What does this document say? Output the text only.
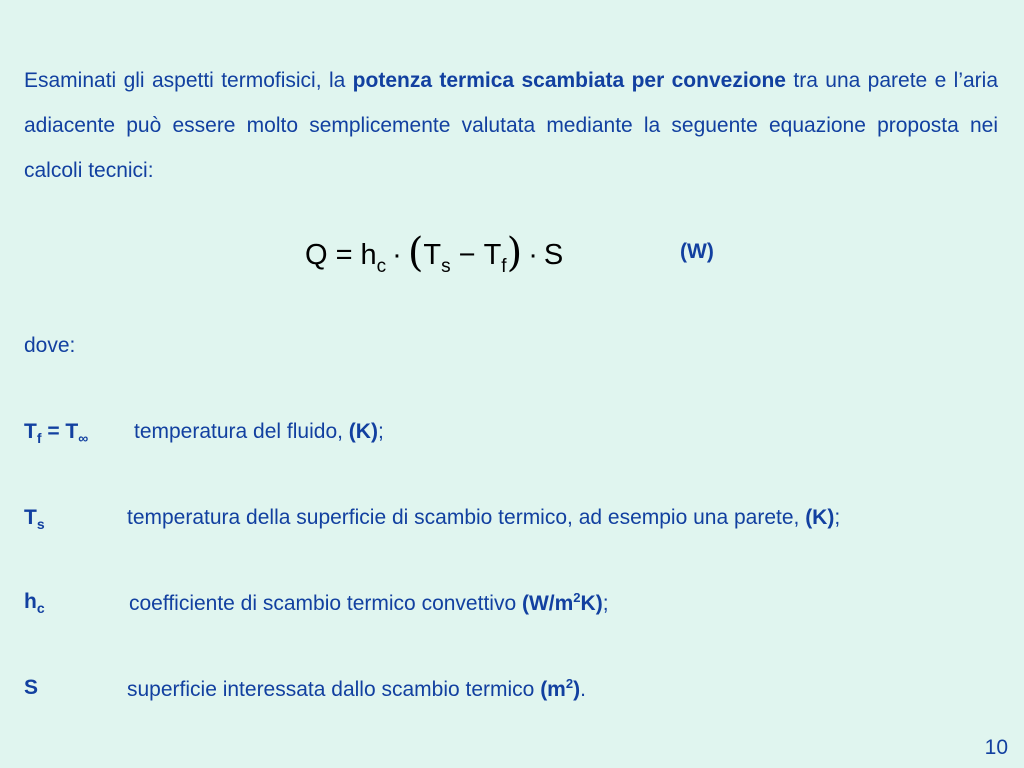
Esaminati gli aspetti termofisici, la potenza termica scambiata per convezione tra una parete e l’aria adiacente può essere molto semplicemente valutata mediante la seguente equazione proposta nei calcoli tecnici:

$Q = h_c \cdot (T_s - T_f) \cdot S$	(W)
dove:
$T_f = T_\infty$ temperatura del fluido, (K);
$T_s$	temperatura della superficie di scambio termico, ad esempio una parete, (K);
$h_c$	coefficiente di scambio termico convettivo $(W/m^2K)$;
S	superficie interessata dallo scambio termico $(m^2)$.
10
